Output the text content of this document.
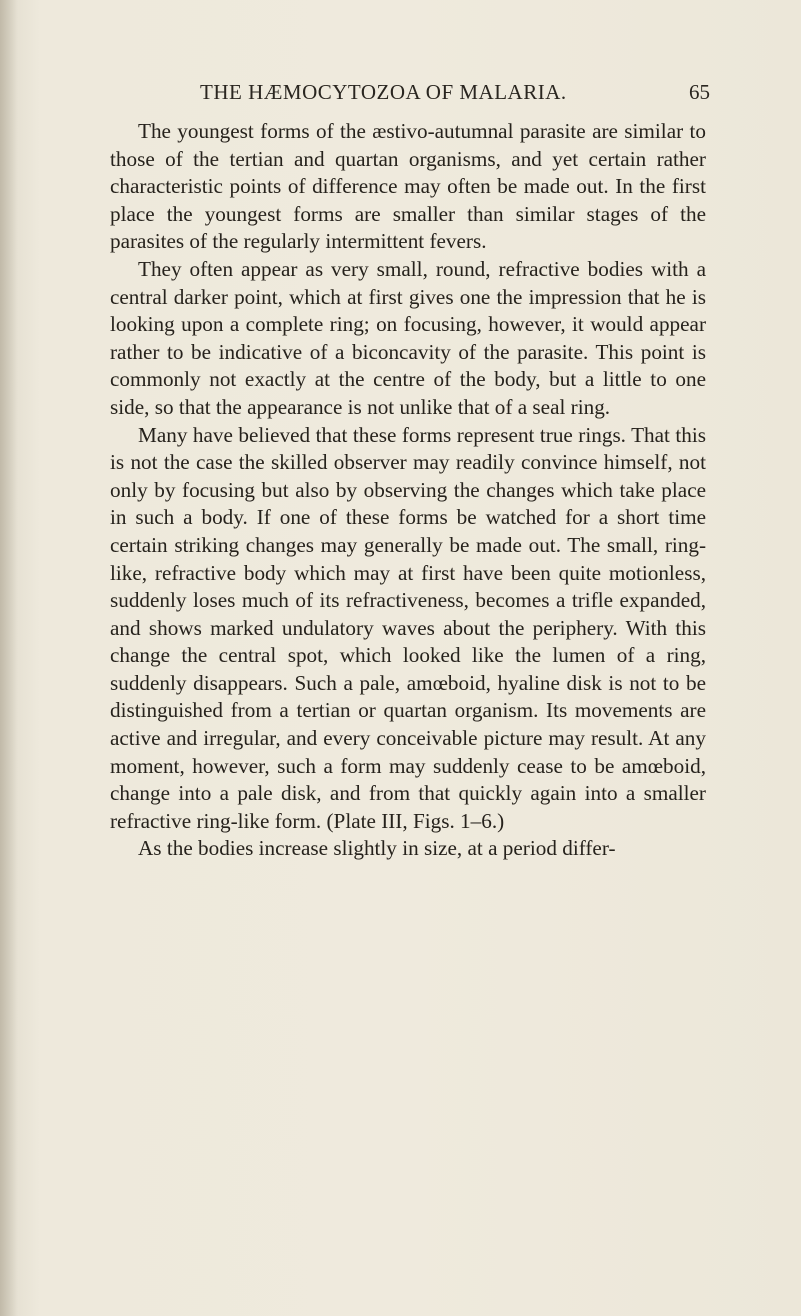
THE HÆMOCYTOZOA OF MALARIA.	65

The youngest forms of the æstivo-autumnal parasite are similar to those of the tertian and quartan organisms, and yet certain rather characteristic points of difference may often be made out. In the first place the youngest forms are smaller than similar stages of the parasites of the regularly intermittent fevers.

They often appear as very small, round, refractive bodies with a central darker point, which at first gives one the impression that he is looking upon a complete ring; on focusing, however, it would appear rather to be indicative of a biconcavity of the parasite. This point is commonly not exactly at the centre of the body, but a little to one side, so that the appearance is not unlike that of a seal ring.

Many have believed that these forms represent true rings. That this is not the case the skilled observer may readily convince himself, not only by focusing but also by observing the changes which take place in such a body. If one of these forms be watched for a short time certain striking changes may generally be made out. The small, ring-like, refractive body which may at first have been quite motionless, suddenly loses much of its refractiveness, becomes a trifle expanded, and shows marked undulatory waves about the periphery. With this change the central spot, which looked like the lumen of a ring, suddenly disappears. Such a pale, amœboid, hyaline disk is not to be distinguished from a tertian or quartan organism. Its movements are active and irregular, and every conceivable picture may result. At any moment, however, such a form may suddenly cease to be amœboid, change into a pale disk, and from that quickly again into a smaller refractive ring-like form. (Plate III, Figs. 1–6.)

As the bodies increase slightly in size, at a period differ-
